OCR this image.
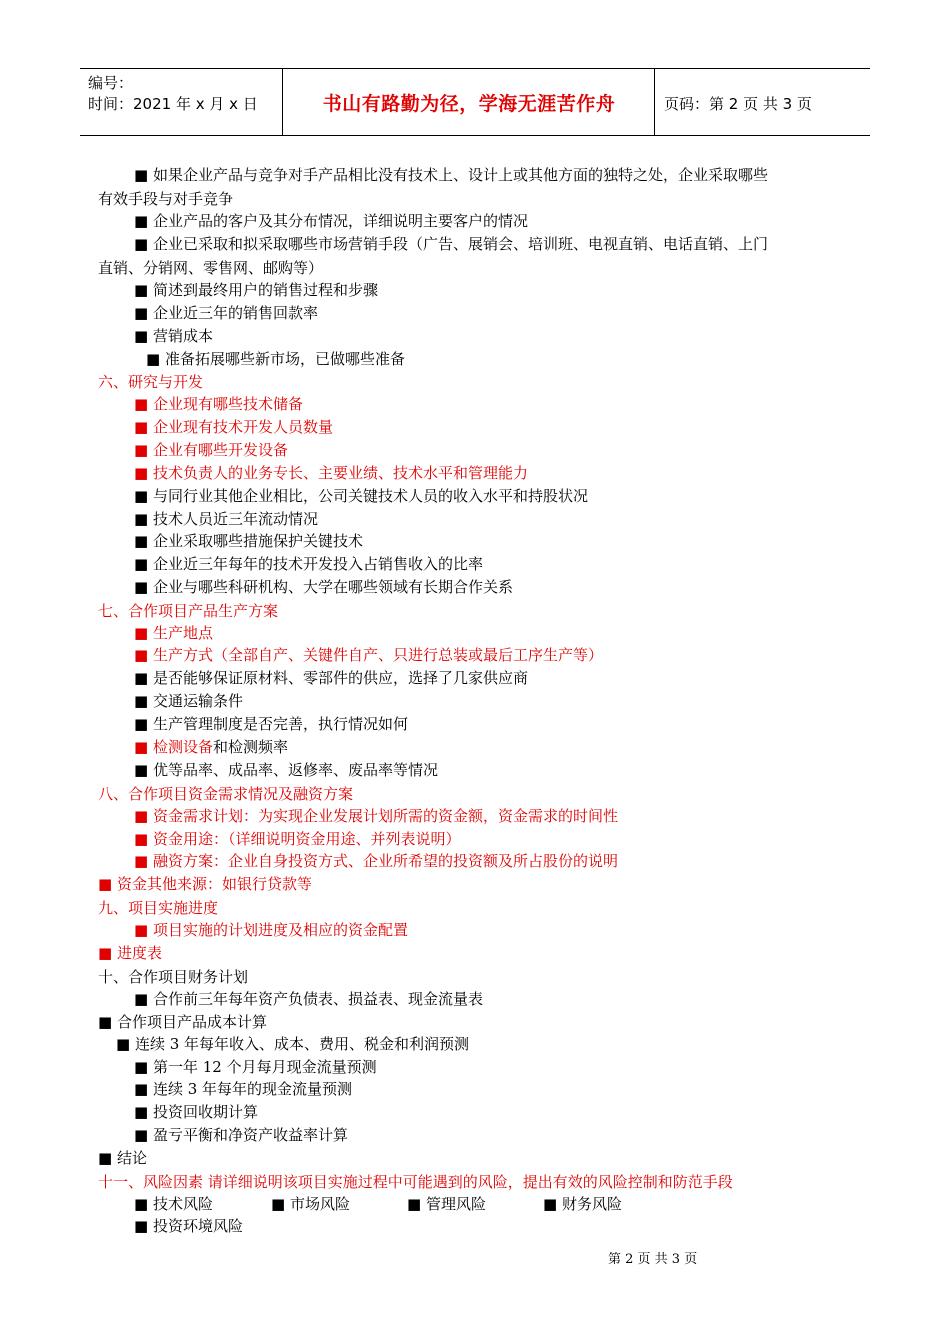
编号：
时间：2021 年 x 月 x 日	书山有路勤为径，学海无涯苦作舟	页码：第 2 页 共 3 页
■ 如果企业产品与竞争对手产品相比没有技术上、设计上或其他方面的独特之处，企业采取哪些
有效手段与对手竞争
■ 企业产品的客户及其分布情况，详细说明主要客户的情况
■ 企业已采取和拟采取哪些市场营销手段（广告、展销会、培训班、电视直销、电话直销、上门
直销、分销网、零售网、邮购等）
■ 简述到最终用户的销售过程和步骤
■ 企业近三年的销售回款率
■ 营销成本
■ 准备拓展哪些新市场，已做哪些准备
六、研究与开发
■ 企业现有哪些技术储备
■ 企业现有技术开发人员数量
■ 企业有哪些开发设备
■ 技术负责人的业务专长、主要业绩、技术水平和管理能力
■ 与同行业其他企业相比，公司关键技术人员的收入水平和持股状况
■ 技术人员近三年流动情况
■ 企业采取哪些措施保护关键技术
■ 企业近三年每年的技术开发投入占销售收入的比率
■ 企业与哪些科研机构、大学在哪些领域有长期合作关系
七、合作项目产品生产方案
■ 生产地点
■ 生产方式（全部自产、关键件自产、只进行总装或最后工序生产等）
■ 是否能够保证原材料、零部件的供应，选择了几家供应商
■ 交通运输条件
■ 生产管理制度是否完善，执行情况如何
■ 检测设备和检测频率
■ 优等品率、成品率、返修率、废品率等情况
八、合作项目资金需求情况及融资方案
■ 资金需求计划：为实现企业发展计划所需的资金额，资金需求的时间性
■ 资金用途：（详细说明资金用途、并列表说明）
■ 融资方案：企业自身投资方式、企业所希望的投资额及所占股份的说明
■ 资金其他来源：如银行贷款等
九、项目实施进度
■ 项目实施的计划进度及相应的资金配置
■ 进度表
十、合作项目财务计划
■ 合作前三年每年资产负债表、损益表、现金流量表
■ 合作项目产品成本计算
■ 连续 3 年每年收入、成本、费用、税金和利润预测
■ 第一年 12 个月每月现金流量预测
■ 连续 3 年每年的现金流量预测
■ 投资回收期计算
■ 盈亏平衡和净资产收益率计算
■ 结论
十一、风险因素 请详细说明该项目实施过程中可能遇到的风险，提出有效的风险控制和防范手段
■ 技术风险	■ 市场风险	■ 管理风险	■ 财务风险
■ 投资环境风险
第 2 页 共 3 页
